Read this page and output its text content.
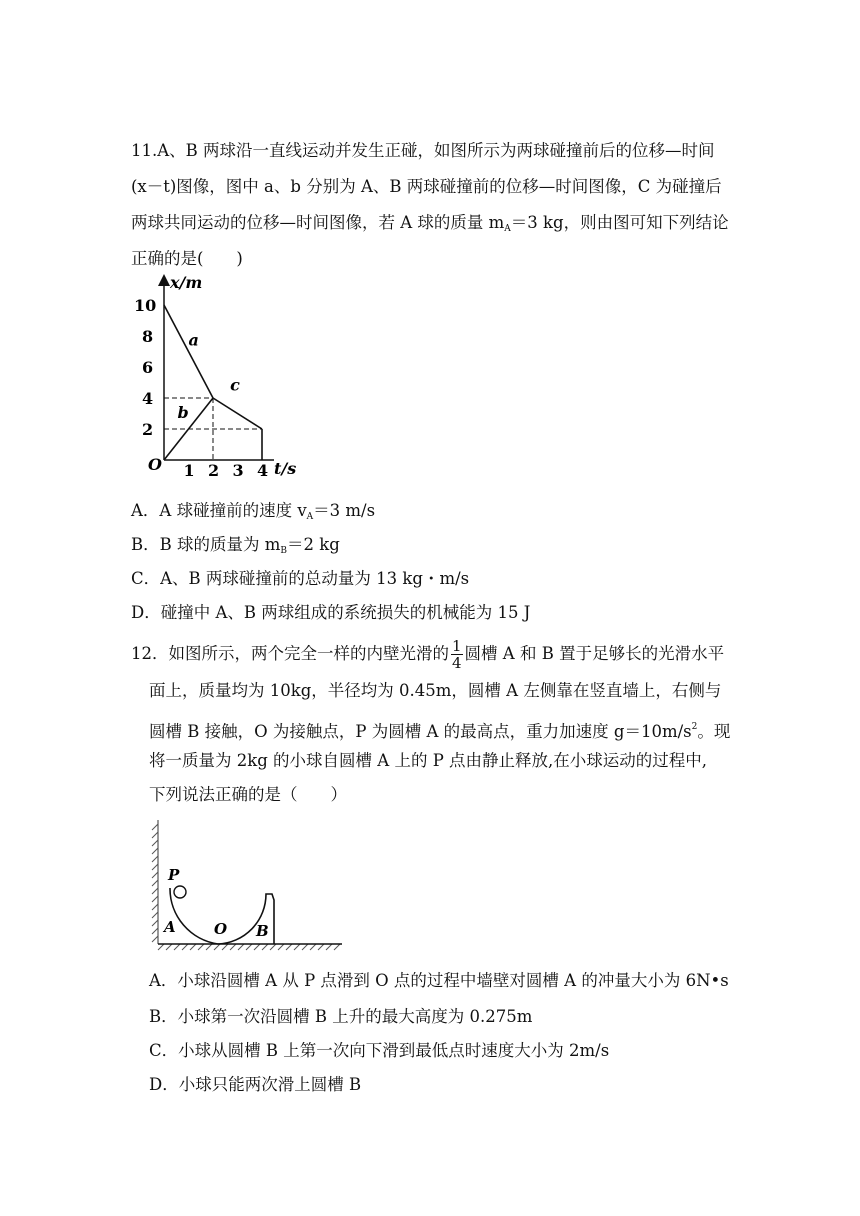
11.A、B 两球沿一直线运动并发生正碰，如图所示为两球碰撞前后的位移—时间
(x－t)图像，图中 a、b 分别为 A、B 两球碰撞前的位移—时间图像，C 为碰撞后
两球共同运动的位移—时间图像，若 A 球的质量 $m_A=3$ kg，则由图可知下列结论
正确的是(　　)
10
8
6
4
2
1 2 3 4
a
b
c
x/m
t/s
O
A．A 球碰撞前的速度 $v_A=3$ m/s
B．B 球的质量为 $m_B=2$ kg
C．A、B 两球碰撞前的总动量为 13 kg・m/s
D．碰撞中 A、B 两球组成的系统损失的机械能为 15 J
12．如图所示，两个完全一样的内壁光滑的 $\frac{1}{4}$ 圆槽 A 和 B 置于足够长的光滑水平
面上，质量均为 10kg，半径均为 0.45m，圆槽 A 左侧靠在竖直墙上，右侧与
圆槽 B 接触，O 为接触点，P 为圆槽 A 的最高点，重力加速度 $g=10m/s^2$。现
将一质量为 2kg 的小球自圆槽 A 上的 P 点由静止释放,在小球运动的过程中,
下列说法正确的是（　　）
P
A	O B
A．小球沿圆槽 A 从 P 点滑到 O 点的过程中墙壁对圆槽 A 的冲量大小为 6N•s
B．小球第一次沿圆槽 B 上升的最大高度为 0.275m
C．小球从圆槽 B 上第一次向下滑到最低点时速度大小为 2m/s
D．小球只能两次滑上圆槽 B
